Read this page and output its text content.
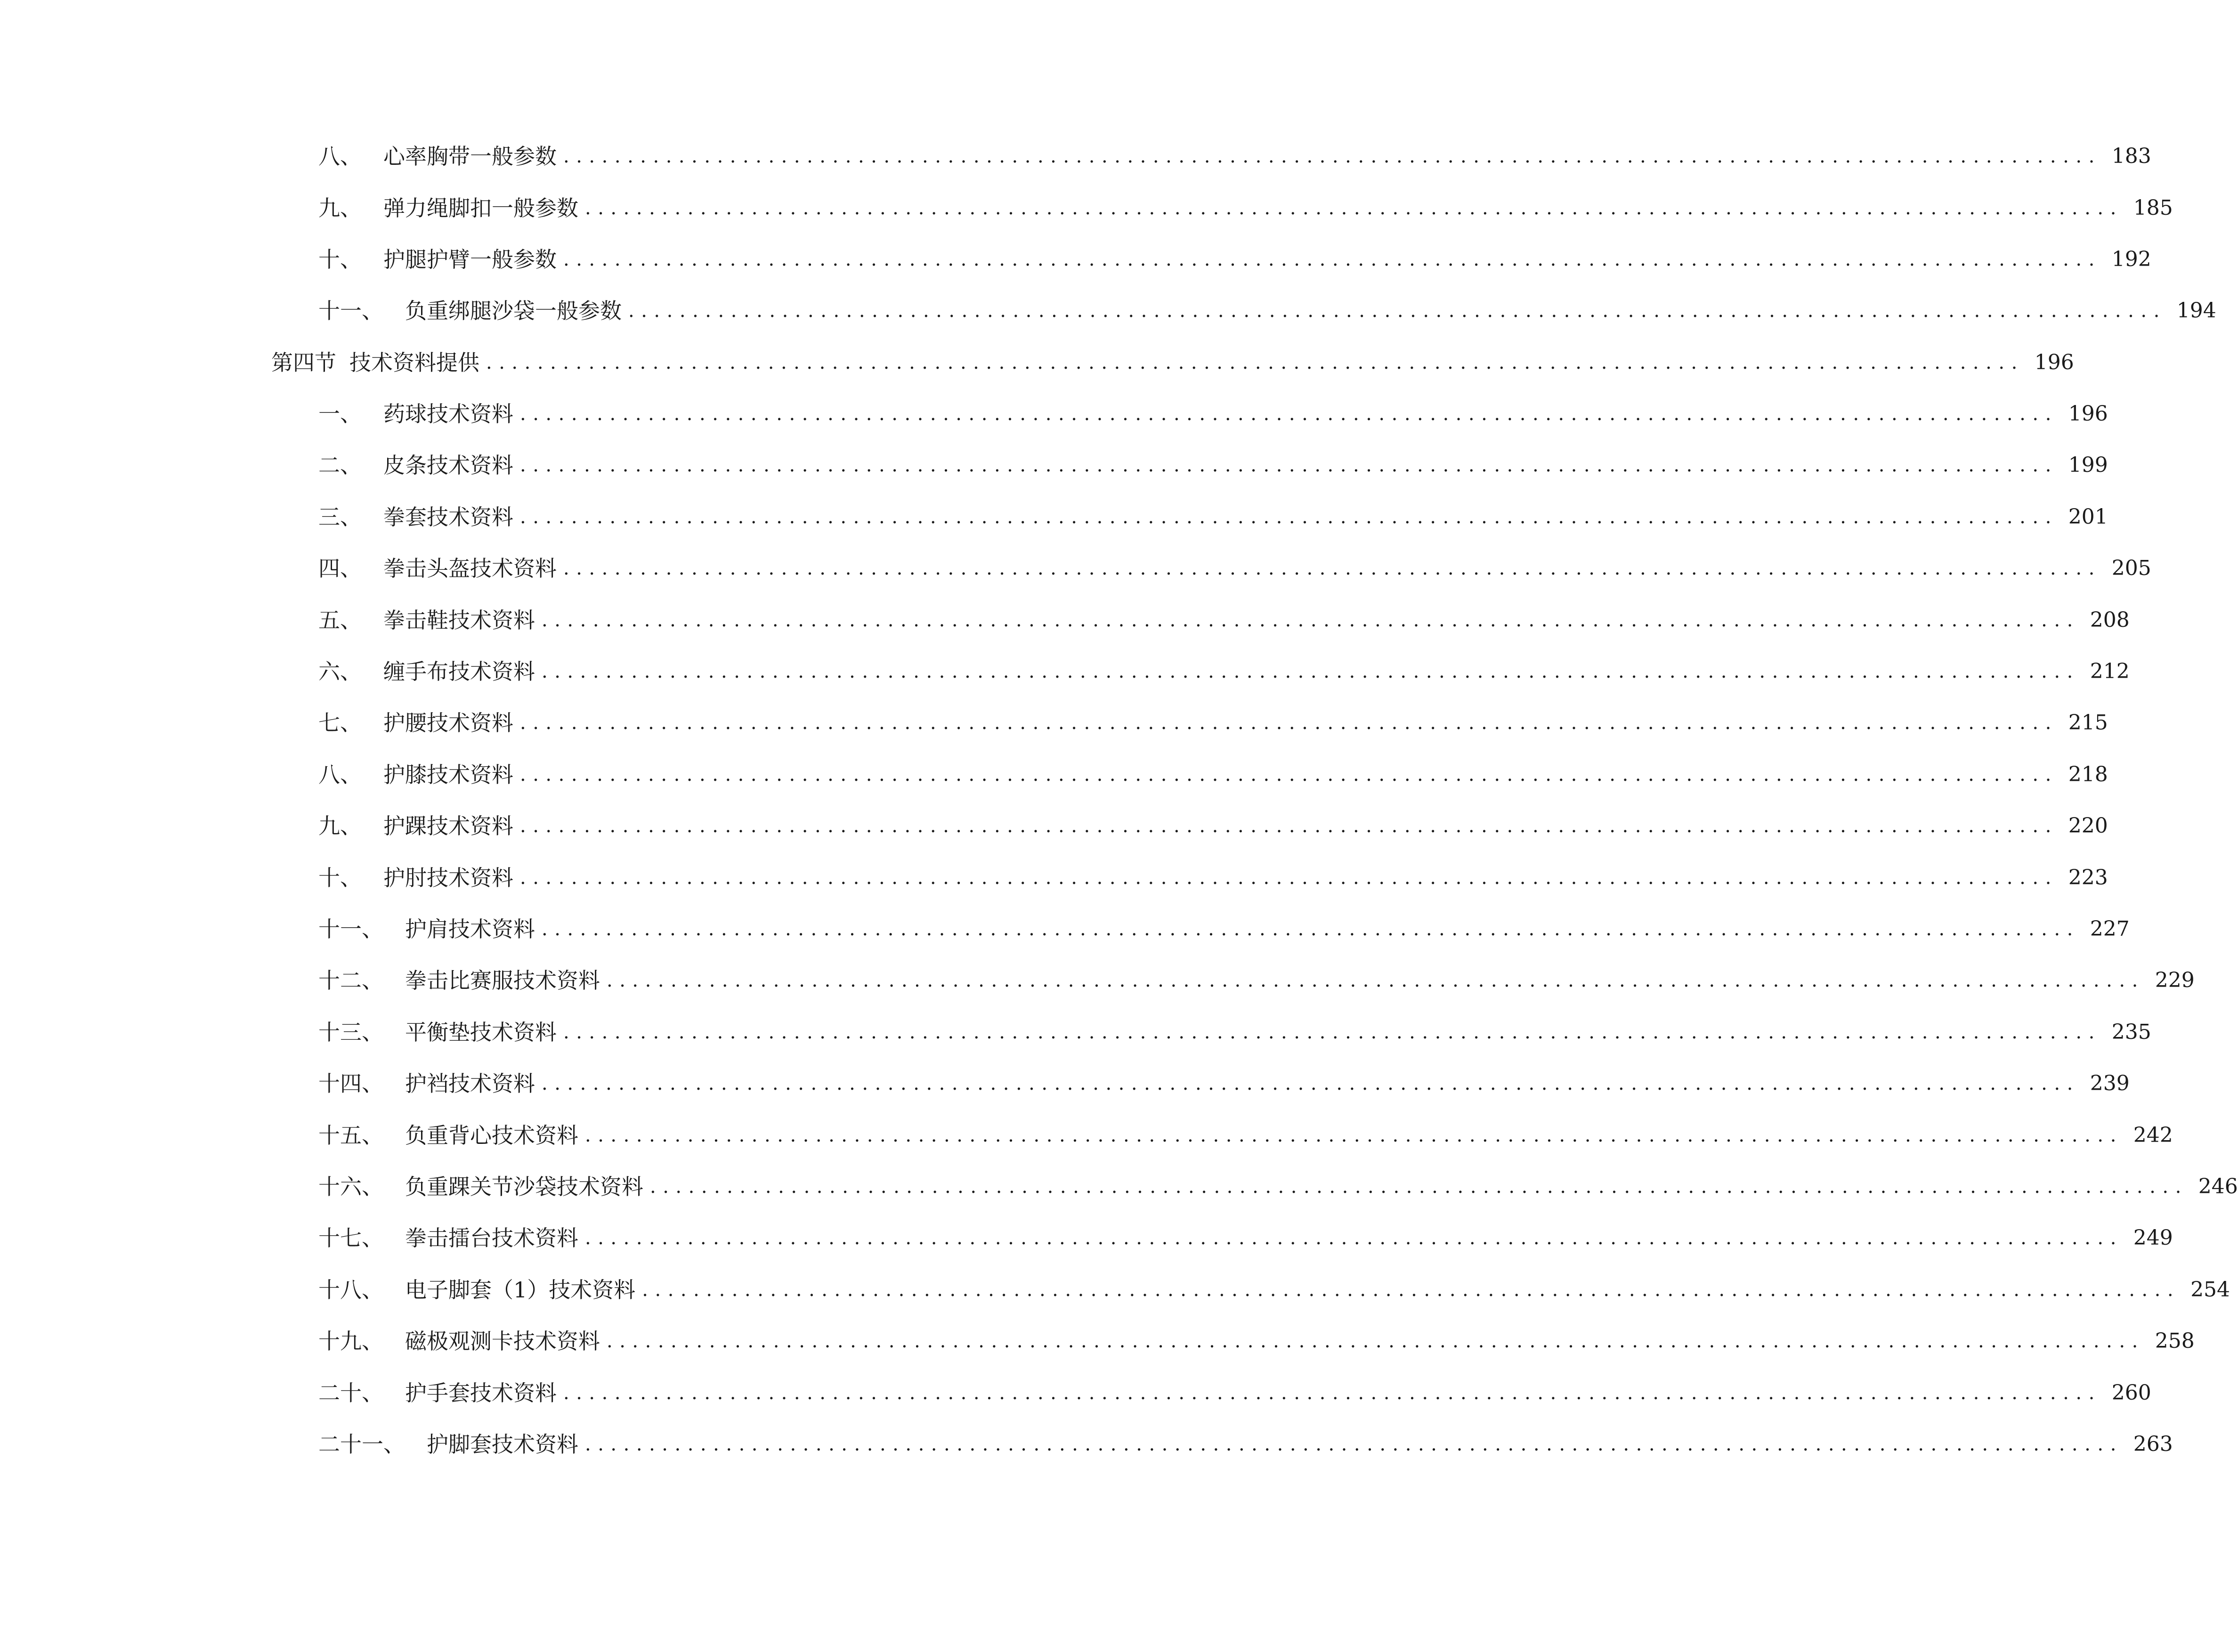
八、 心率胸带一般参数 ........................................................................................................................ 183
九、 弹力绳脚扣一般参数 ........................................................................................................................ 185
十、 护腿护臂一般参数 ........................................................................................................................ 192
十一、 负重绑腿沙袋一般参数 ........................................................................................................................ 194
第四节 技术资料提供 ........................................................................................................................ 196
一、 药球技术资料 ........................................................................................................................ 196
二、 皮条技术资料 ........................................................................................................................ 199
三、 拳套技术资料 ........................................................................................................................ 201
四、 拳击头盔技术资料 ........................................................................................................................ 205
五、 拳击鞋技术资料 ........................................................................................................................ 208
六、 缠手布技术资料 ........................................................................................................................ 212
七、 护腰技术资料 ........................................................................................................................ 215
八、 护膝技术资料 ........................................................................................................................ 218
九、 护踝技术资料 ........................................................................................................................ 220
十、 护肘技术资料 ........................................................................................................................ 223
十一、 护肩技术资料 ........................................................................................................................ 227
十二、 拳击比赛服技术资料 ........................................................................................................................ 229
十三、 平衡垫技术资料 ........................................................................................................................ 235
十四、 护裆技术资料 ........................................................................................................................ 239
十五、 负重背心技术资料 ........................................................................................................................ 242
十六、 负重踝关节沙袋技术资料 ........................................................................................................................ 246
十七、 拳击擂台技术资料 ........................................................................................................................ 249
十八、 电子脚套（1）技术资料 ........................................................................................................................ 254
十九、 磁极观测卡技术资料 ........................................................................................................................ 258
二十、 护手套技术资料 ........................................................................................................................ 260
二十一、 护脚套技术资料 ........................................................................................................................ 263
